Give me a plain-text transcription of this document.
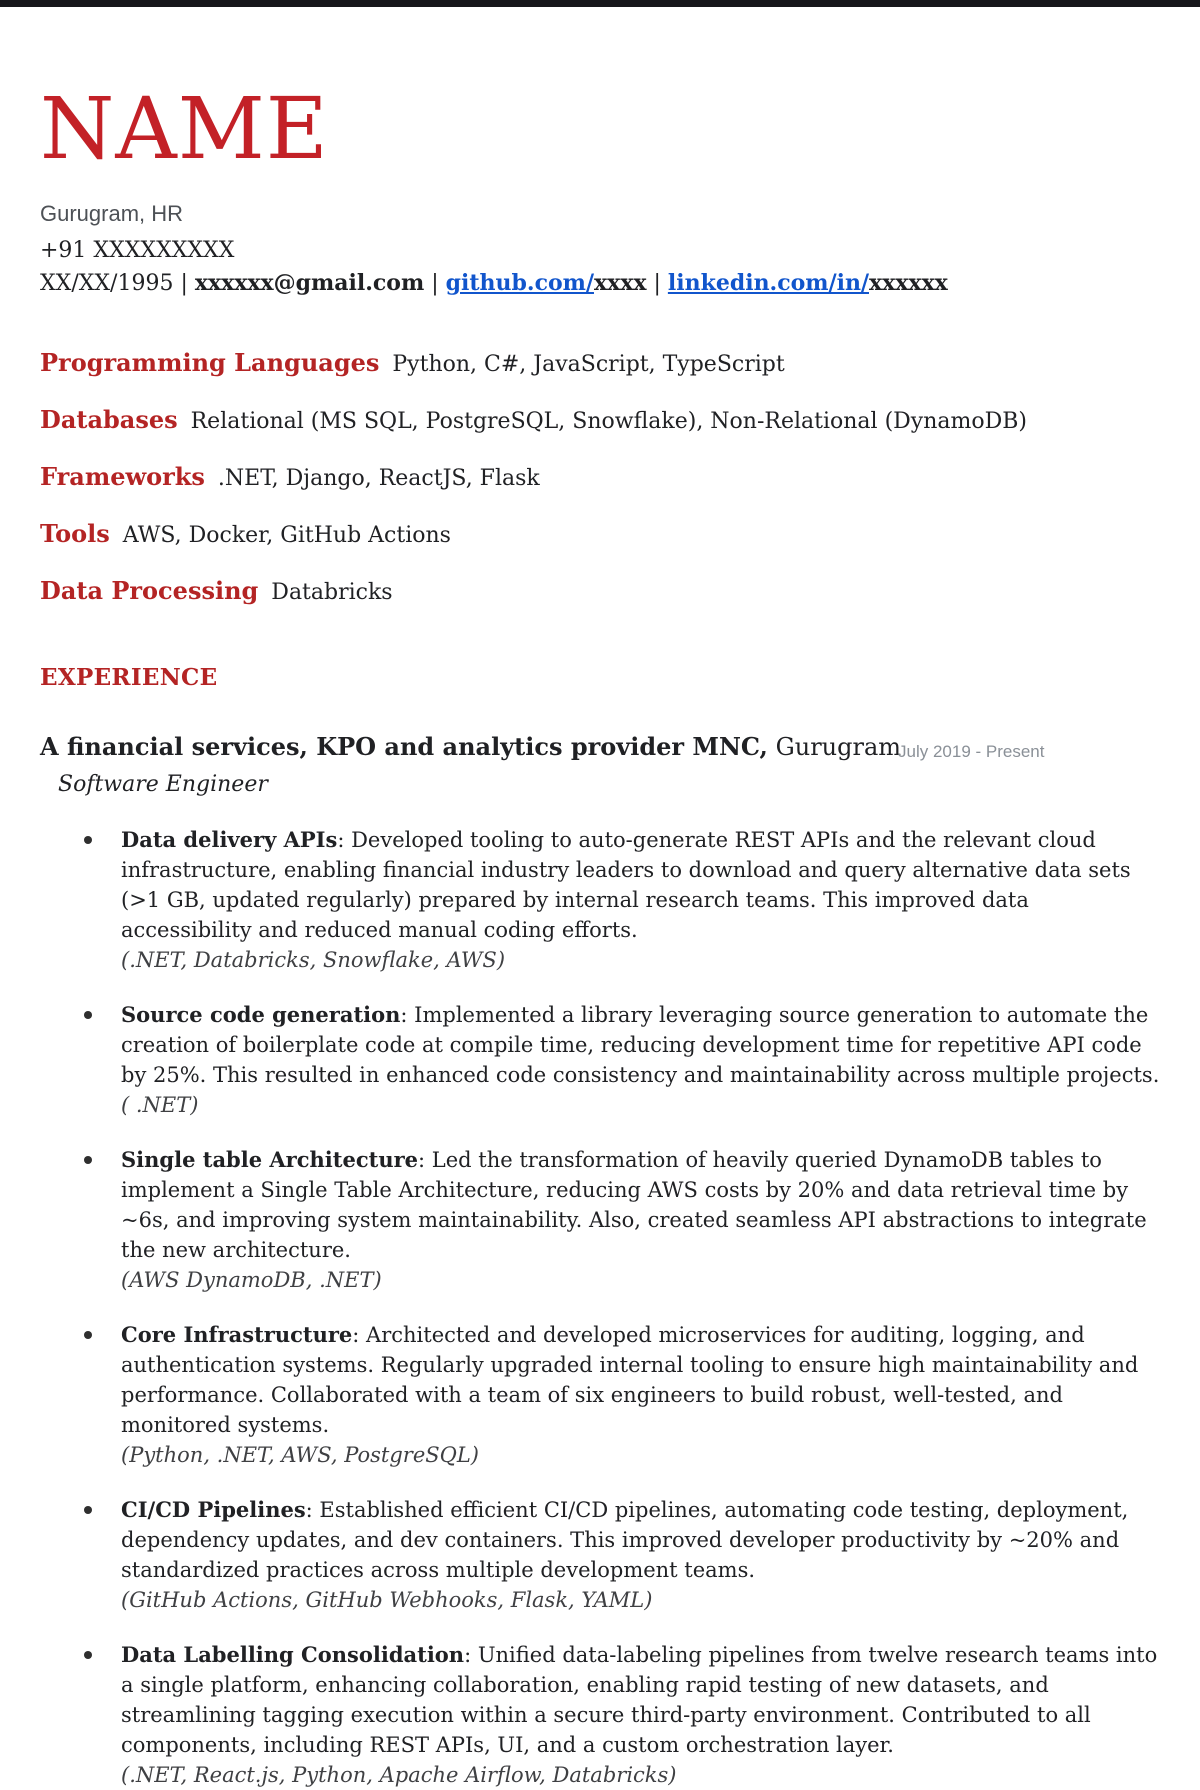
NAME
Gurugram, HR
+91 XXXXXXXXX
XX/XX/1995 | xxxxxx@gmail.com | github.com/xxxx | linkedin.com/in/xxxxxx
Programming Languages Python, C#, JavaScript, TypeScript
Databases Relational (MS SQL, PostgreSQL, Snowflake), Non-Relational (DynamoDB)
Frameworks .NET, Django, ReactJS, Flask
Tools AWS, Docker, GitHub Actions
Data Processing Databricks
EXPERIENCE
A financial services, KPO and analytics provider MNC, Gurugram
July 2019 - Present
Software Engineer
Data delivery APIs: Developed tooling to auto-generate REST APIs and the relevant cloud infrastructure, enabling financial industry leaders to download and query alternative data sets (>1 GB, updated regularly) prepared by internal research teams. This improved data accessibility and reduced manual coding efforts.
(.NET, Databricks, Snowflake, AWS)
Source code generation: Implemented a library leveraging source generation to automate the creation of boilerplate code at compile time, reducing development time for repetitive API code by 25%. This resulted in enhanced code consistency and maintainability across multiple projects. ( .NET)
Single table Architecture: Led the transformation of heavily queried DynamoDB tables to implement a Single Table Architecture, reducing AWS costs by 20% and data retrieval time by ~6s, and improving system maintainability. Also, created seamless API abstractions to integrate the new architecture.
(AWS DynamoDB, .NET)
Core Infrastructure: Architected and developed microservices for auditing, logging, and authentication systems. Regularly upgraded internal tooling to ensure high maintainability and performance. Collaborated with a team of six engineers to build robust, well-tested, and monitored systems.
(Python, .NET, AWS, PostgreSQL)
CI/CD Pipelines: Established efficient CI/CD pipelines, automating code testing, deployment, dependency updates, and dev containers. This improved developer productivity by ~20% and standardized practices across multiple development teams.
(GitHub Actions, GitHub Webhooks, Flask, YAML)
Data Labelling Consolidation: Unified data-labeling pipelines from twelve research teams into a single platform, enhancing collaboration, enabling rapid testing of new datasets, and streamlining tagging execution within a secure third-party environment. Contributed to all components, including REST APIs, UI, and a custom orchestration layer.
(.NET, React.js, Python, Apache Airflow, Databricks)
